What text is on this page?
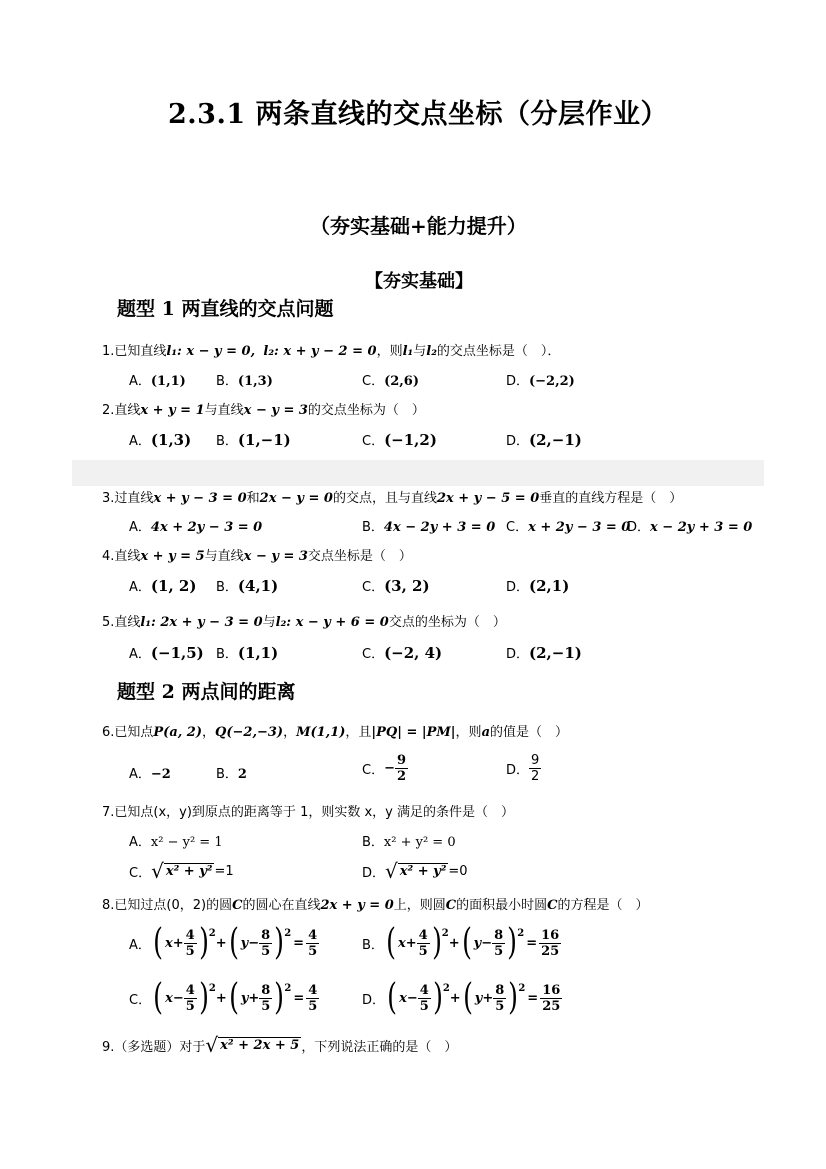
2.3.1 两条直线的交点坐标（分层作业）
（夯实基础+能力提升）
【夯实基础】
题型 1 两直线的交点问题
1.已知直线l₁: x − y = 0, l₂: x + y − 2 = 0，则l₁与l₂的交点坐标是（　）．
A．(1,1) B．(1,3)	C．(2,6)	D．(−2,2)
2.直线x + y = 1与直线x − y = 3的交点坐标为（　）
A．(1,3) B．(1,−1)	C．(−1,2)	D．(2,−1)
3.过直线x + y − 3 = 0和2x − y = 0的交点，且与直线2x + y − 5 = 0垂直的直线方程是（　）
A．4x + 2y − 3 = 0	B．4x − 2y + 3 = 0 C．x + 2y − 3 = 0
D．x − 2y + 3 = 0
4.直线x + y = 5与直线x − y = 3交点坐标是（　）
A．(1, 2) B．(4,1)	C．(3, 2)	D．(2,1)
5.直线l₁: 2x + y − 3 = 0与l₂: x − y + 6 = 0交点的坐标为（　）
A．(−1,5) B．(1,1)	C．(−2, 4)	D．(2,−1)
题型 2 两点间的距离
6.已知点P(a, 2)，Q(−2,−3)，M(1,1)，且|PQ| = |PM|，则a的值是（　）
A．−2	B．2	C． − $\frac{9}{2}$	D． $\frac{9}{2}$
7.已知点(x，y)到原点的距离等于 1，则实数 x，y 满足的条件是（　）
A．x² − y² = 1	B．x² + y² = 0
C． √ x² + y² =1	D． √ x² + y² =0
8.已知过点(0，2)的圆C的圆心在直线2x + y = 0上，则圆C的面积最小时圆C的方程是（　）
A． ( $x + \frac{4}{5}$ ) 2
+ ( $y - \frac{8}{5}$ ) 2
= $\frac{4}{5}$	B． ( $x + \frac{4}{5}$ ) 2
+ ( $y - \frac{8}{5}$ ) 2
= $\frac{16}{25}$
C． ( $x - \frac{4}{5}$ ) 2
+ ( $y + \frac{8}{5}$ ) 2
= $\frac{4}{5}$	D． ( $x - \frac{4}{5}$ ) 2
+ ( $y + \frac{8}{5}$ ) 2
= $\frac{16}{25}$
9.（多选题）对于 √ x² + 2x + 5 ，下列说法正确的是（　）
